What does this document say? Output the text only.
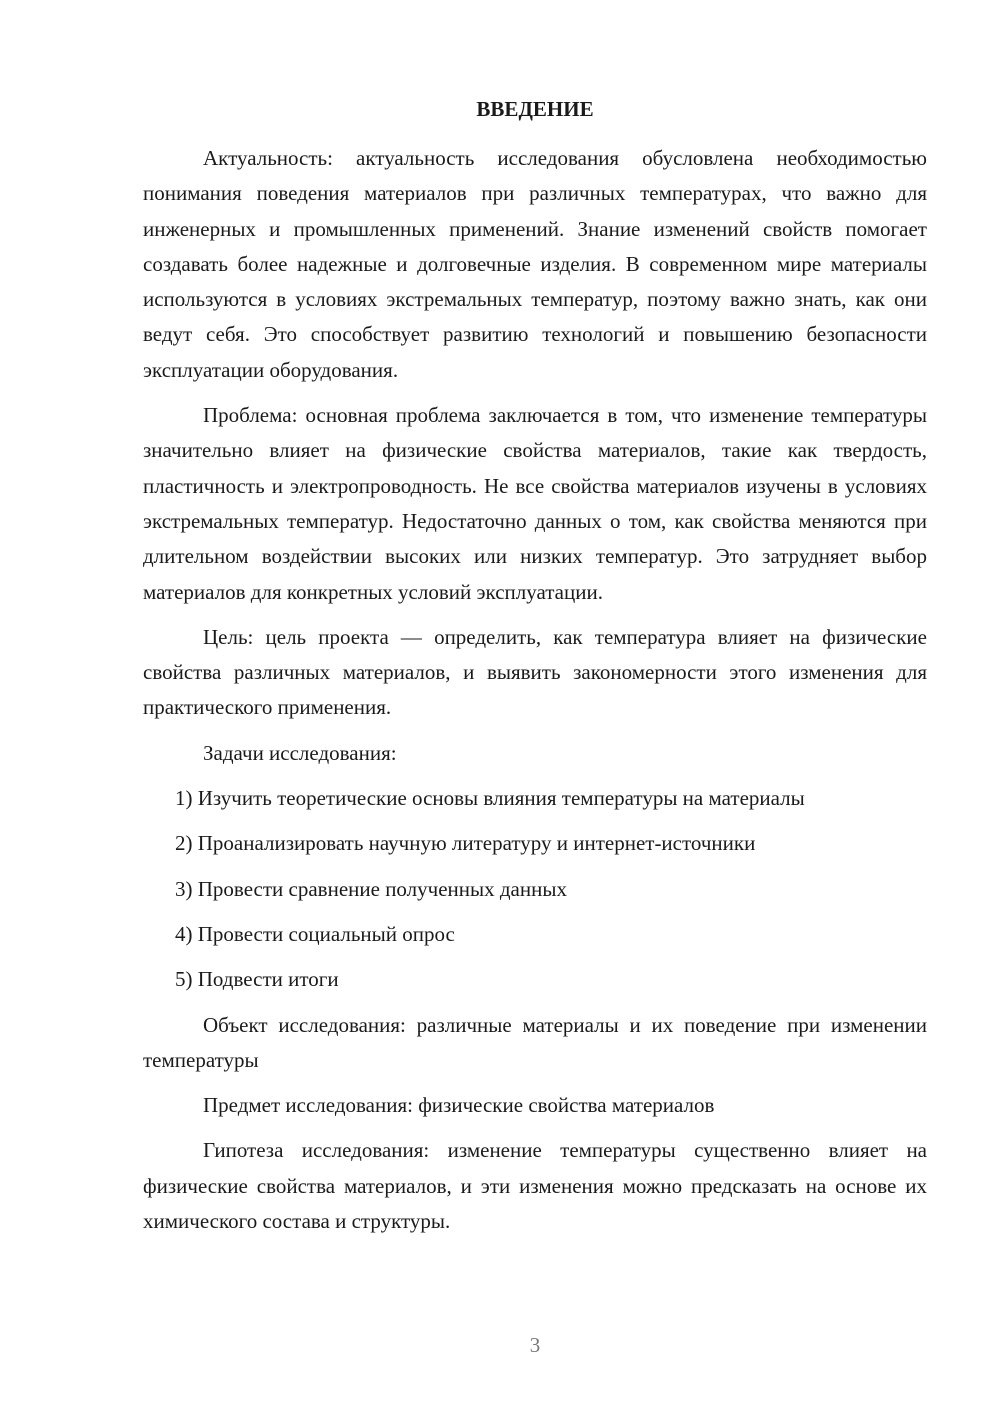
ВВЕДЕНИЕ

Актуальность: актуальность исследования обусловлена необходимостью понимания поведения материалов при различных температурах, что важно для инженерных и промышленных применений. Знание изменений свойств помогает создавать более надежные и долговечные изделия. В современном мире материалы используются в условиях экстремальных температур, поэтому важно знать, как они ведут себя. Это способствует развитию технологий и повышению безопасности эксплуатации оборудования.

Проблема: основная проблема заключается в том, что изменение температуры значительно влияет на физические свойства материалов, такие как твердость, пластичность и электропроводность. Не все свойства материалов изучены в условиях экстремальных температур. Недостаточно данных о том, как свойства меняются при длительном воздействии высоких или низких температур. Это затрудняет выбор материалов для конкретных условий эксплуатации.

Цель: цель проекта — определить, как температура влияет на физические свойства различных материалов, и выявить закономерности этого изменения для практического применения.

Задачи исследования:

1) Изучить теоретические основы влияния температуры на материалы
2) Проанализировать научную литературу и интернет-источники
3) Провести сравнение полученных данных
4) Провести социальный опрос
5) Подвести итоги

Объект исследования: различные материалы и их поведение при изменении температуры

Предмет исследования: физические свойства материалов

Гипотеза исследования: изменение температуры существенно влияет на физические свойства материалов, и эти изменения можно предсказать на основе их химического состава и структуры.

3
